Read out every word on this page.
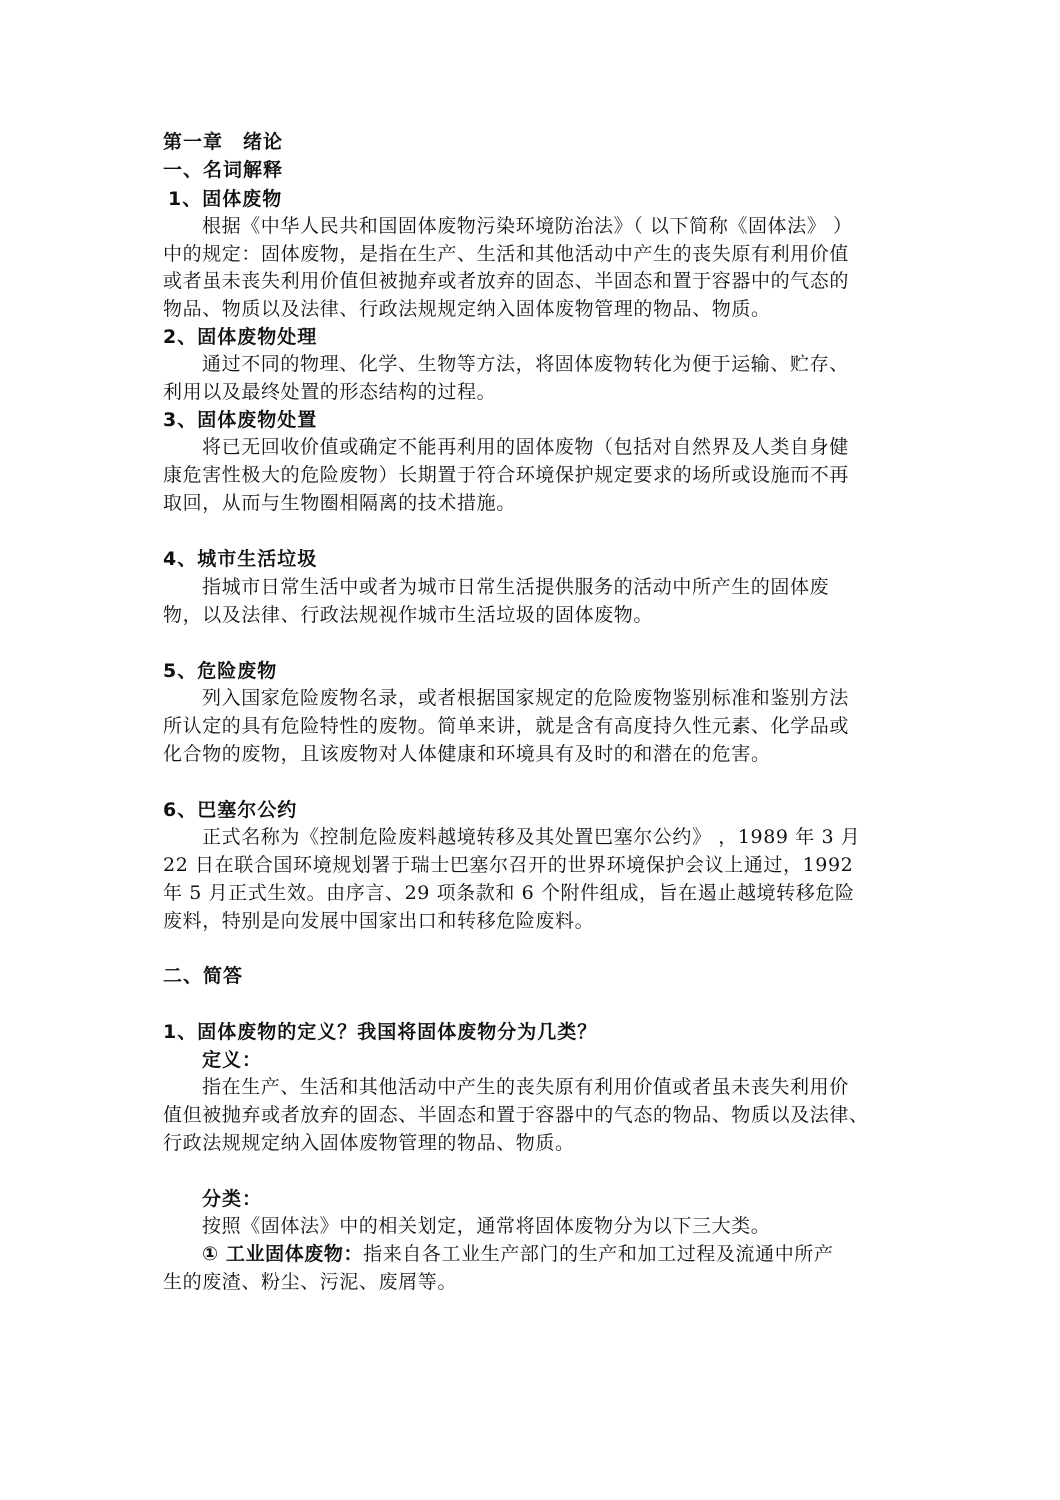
第一章　绪论
一、名词解释
1、固体废物
根据《中华人民共和国固体废物污染环境防治法》（ 以下简称《固体法》 ）
中的规定：固体废物，是指在生产、生活和其他活动中产生的丧失原有利用价值
或者虽未丧失利用价值但被抛弃或者放弃的固态、半固态和置于容器中的气态的
物品、物质以及法律、行政法规规定纳入固体废物管理的物品、物质。
2、固体废物处理
通过不同的物理、化学、生物等方法，将固体废物转化为便于运输、贮存、
利用以及最终处置的形态结构的过程。
3、固体废物处置
将已无回收价值或确定不能再利用的固体废物（包括对自然界及人类自身健
康危害性极大的危险废物）长期置于符合环境保护规定要求的场所或设施而不再
取回，从而与生物圈相隔离的技术措施。
4、城市生活垃圾
指城市日常生活中或者为城市日常生活提供服务的活动中所产生的固体废
物，以及法律、行政法规视作城市生活垃圾的固体废物。
5、危险废物
列入国家危险废物名录，或者根据国家规定的危险废物鉴别标准和鉴别方法
所认定的具有危险特性的废物。简单来讲，就是含有高度持久性元素、化学品或
化合物的废物，且该废物对人体健康和环境具有及时的和潜在的危害。
6、巴塞尔公约
正式名称为《控制危险废料越境转移及其处置巴塞尔公约》 ，1989 年 3 月
22 日在联合国环境规划署于瑞士巴塞尔召开的世界环境保护会议上通过，1992
年 5 月正式生效。由序言、29 项条款和 6 个附件组成，旨在遏止越境转移危险
废料，特别是向发展中国家出口和转移危险废料。
二、简答
1、固体废物的定义？我国将固体废物分为几类？
定义：
指在生产、生活和其他活动中产生的丧失原有利用价值或者虽未丧失利用价
值但被抛弃或者放弃的固态、半固态和置于容器中的气态的物品、物质以及法律、
行政法规规定纳入固体废物管理的物品、物质。
分类：
按照《固体法》中的相关划定，通常将固体废物分为以下三大类。
① 工业固体废物：指来自各工业生产部门的生产和加工过程及流通中所产
生的废渣、粉尘、污泥、废屑等。
